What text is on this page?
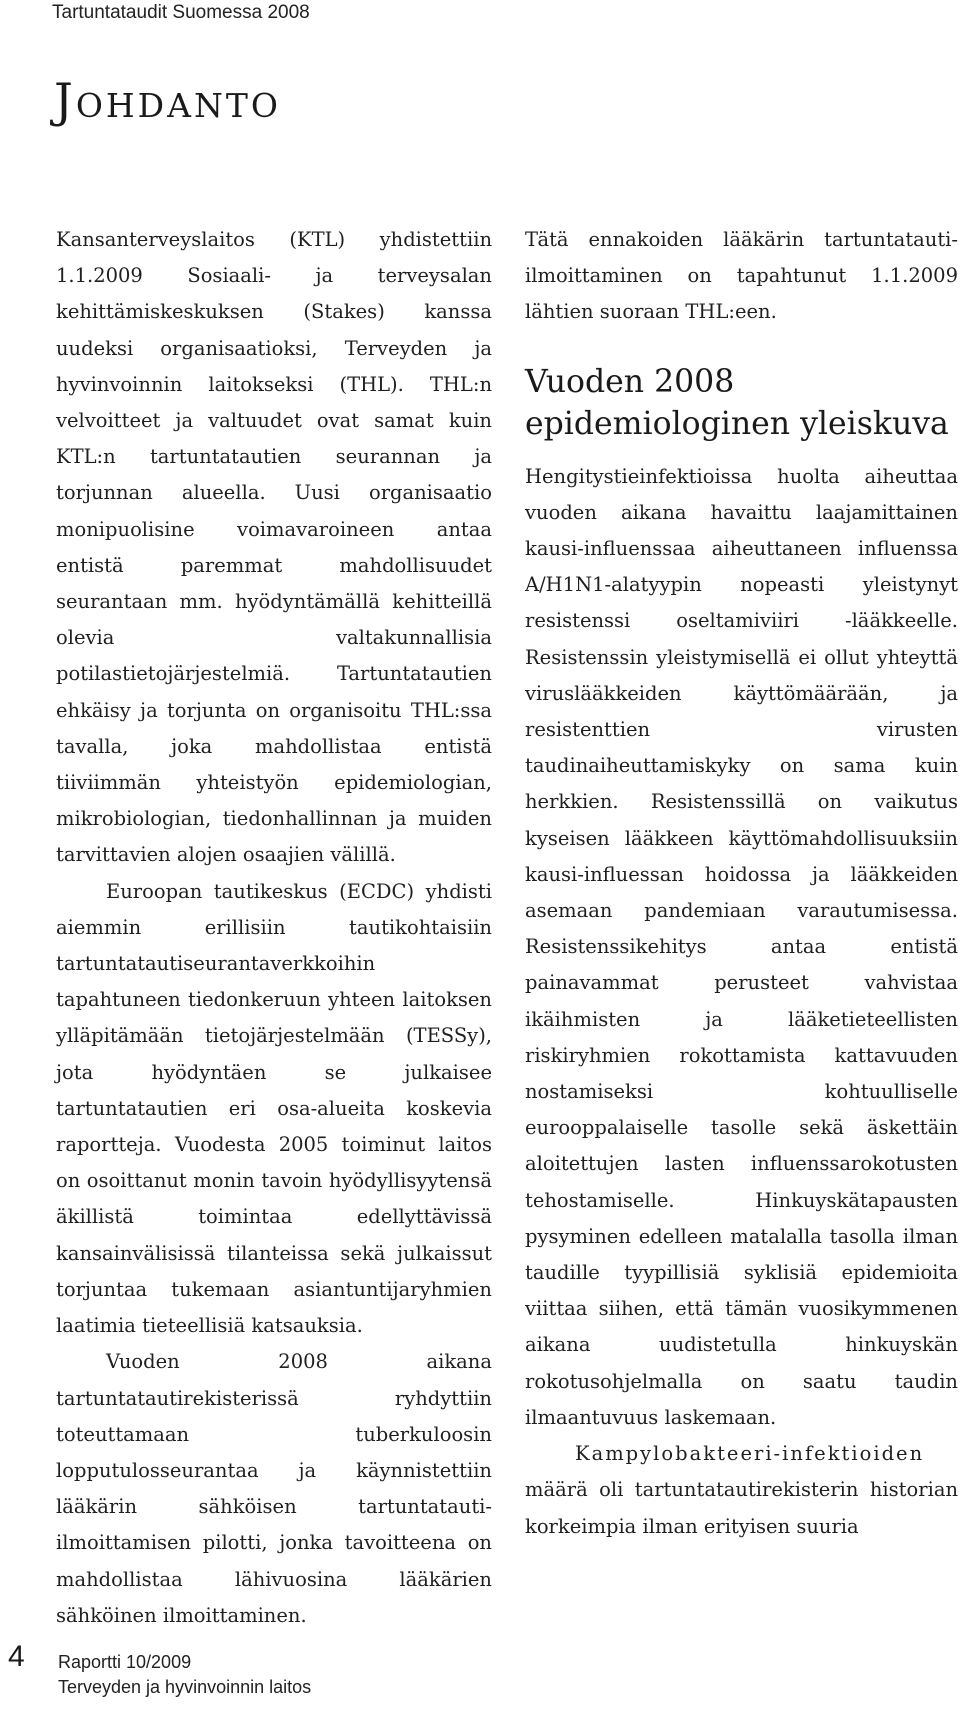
Tartuntataudit Suomessa 2008
Johdanto

Kansanterveyslaitos (KTL) yhdistettiin 1.1.2009 Sosiaali- ja terveysalan kehittämiskeskuksen (Stakes) kanssa uudeksi organisaatioksi, Terveyden ja hyvinvoinnin laitokseksi (THL). THL:n velvoitteet ja valtuudet ovat samat kuin KTL:n tartuntatautien seurannan ja torjunnan alueella. Uusi organisaatio monipuolisine voimavaroineen antaa entistä paremmat mahdollisuudet seurantaan mm. hyödyntämällä kehitteillä olevia valtakunnallisia potilastietojärjestelmiä. Tartuntatautien ehkäisy ja torjunta on organisoitu THL:ssa tavalla, joka mahdollistaa entistä tiiviimmän yhteistyön epidemiologian, mikrobiologian, tiedonhallinnan ja muiden tarvittavien alojen osaajien välillä.

Euroopan tautikeskus (ECDC) yhdisti aiemmin erillisiin tautikohtaisiin tartuntatautiseurantaverkkoihin tapahtuneen tiedonkeruun yhteen laitoksen ylläpitämään tietojärjestelmään (TESSy), jota hyödyntäen se julkaisee tartuntatautien eri osa-alueita koskevia raportteja. Vuodesta 2005 toiminut laitos on osoittanut monin tavoin hyödyllisyytensä äkillistä toimintaa edellyttävissä kansainvälisissä tilanteissa sekä julkaissut torjuntaa tukemaan asiantuntijaryhmien laatimia tieteellisiä katsauksia.

Vuoden 2008 aikana tartuntatautirekisterissä ryhdyttiin toteuttamaan tuberkuloosin lopputulosseurantaa ja käynnistettiin lääkärin sähköisen tartuntatauti-ilmoittamisen pilotti, jonka tavoitteena on mahdollistaa lähivuosina lääkärien sähköinen ilmoittaminen.

Tätä ennakoiden lääkärin tartuntatauti-ilmoittaminen on tapahtunut 1.1.2009 lähtien suoraan THL:een.

Vuoden 2008 epidemiologinen yleiskuva

Hengitystieinfektioissa huolta aiheuttaa vuoden aikana havaittu laajamittainen kausi-influenssaa aiheuttaneen influenssa A/H1N1-alatyypin nopeasti yleistynyt resistenssi oseltamiviiri -lääkkeelle. Resistenssin yleistymisellä ei ollut yhteyttä viruslääkkeiden käyttömäärään, ja resistenttien virusten taudinaiheuttamiskyky on sama kuin herkkien. Resistenssillä on vaikutus kyseisen lääkkeen käyttömahdollisuuksiin kausi-influessan hoidossa ja lääkkeiden asemaan pandemiaan varautumisessa. Resistenssikehitys antaa entistä painavammat perusteet vahvistaa ikäihmisten ja lääketieteellisten riskiryhmien rokottamista kattavuuden nostamiseksi kohtuulliselle eurooppalaiselle tasolle sekä äskettäin aloitettujen lasten influenssarokotusten tehostamiselle. Hinkuyskätapausten pysyminen edelleen matalalla tasolla ilman taudille tyypillisiä syklisiä epidemioita viittaa siihen, että tämän vuosikymmenen aikana uudistetulla hinkuyskän rokotusohjelmalla on saatu taudin ilmaantuvuus laskemaan.

Kampylobakteeri-infektioiden määrä oli tartuntatautirekisterin historian korkeimpia ilman erityisen suuria

4 Raportti 10/2009
Terveyden ja hyvinvoinnin laitos
